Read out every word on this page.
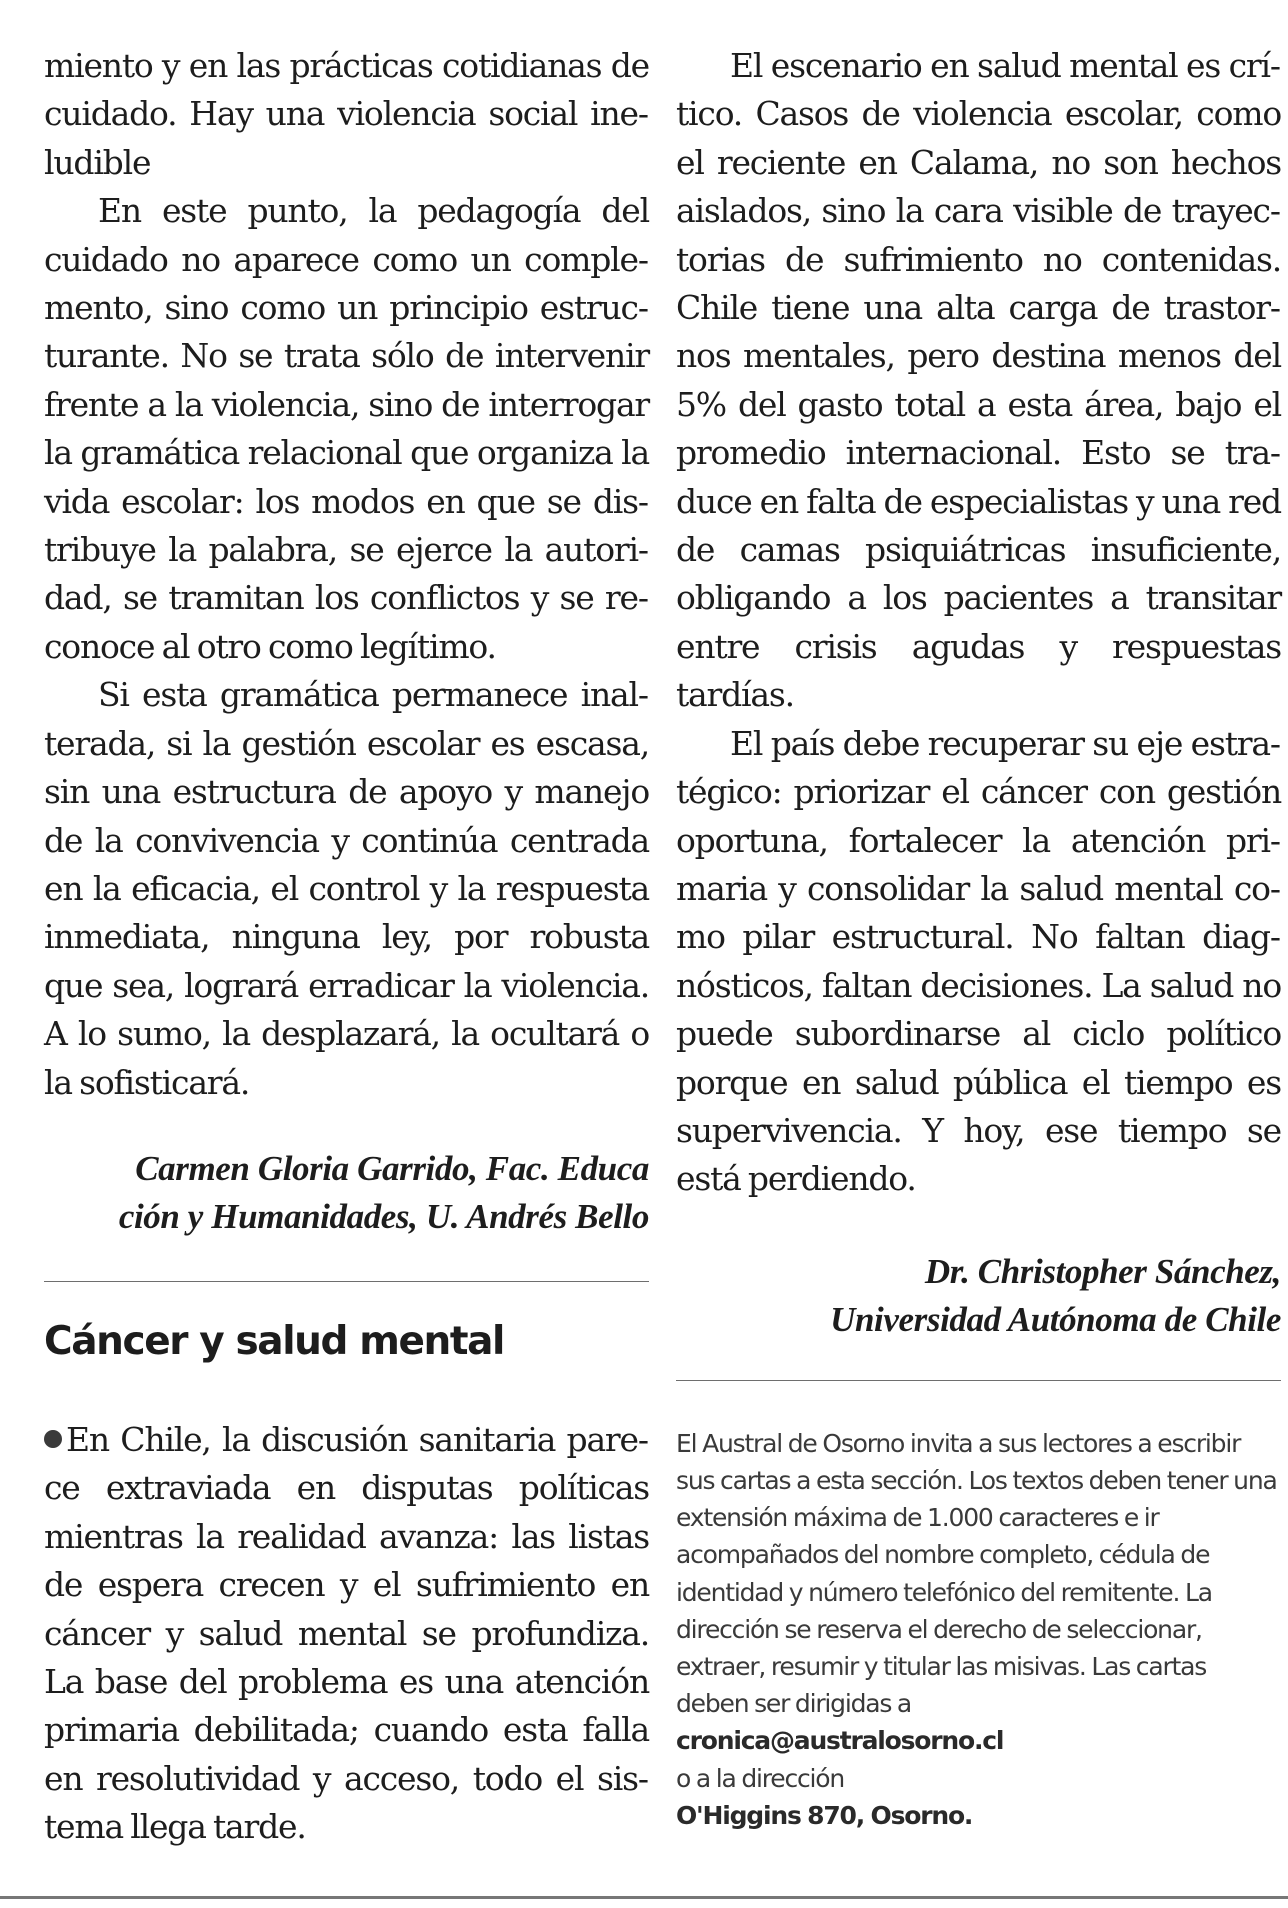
miento y en las prácticas cotidianas de cuidado. Hay una violencia social ineludible

En este punto, la pedagogía del cuidado no aparece como un complemento, sino como un principio estructurante. No se trata sólo de intervenir frente a la violencia, sino de interrogar la gramática relacional que organiza la vida escolar: los modos en que se distribuye la palabra, se ejerce la autoridad, se tramitan los conflictos y se reconoce al otro como legítimo.

Si esta gramática permanece inalterada, si la gestión escolar es escasa, sin una estructura de apoyo y manejo de la convivencia y continúa centrada en la eficacia, el control y la respuesta inmediata, ninguna ley, por robusta que sea, logrará erradicar la violencia. A lo sumo, la desplazará, la ocultará o la sofisticará.

Carmen Gloria Garrido, Fac. Educa

ción y Humanidades, U. Andrés Bello

Cáncer y salud mental

En Chile, la discusión sanitaria parece extraviada en disputas políticas mientras la realidad avanza: las listas de espera crecen y el sufrimiento en cáncer y salud mental se profundiza. La base del problema es una atención primaria debilitada; cuando esta falla en resolutividad y acceso, todo el sistema llega tarde.

El escenario en salud mental es crítico. Casos de violencia escolar, como el reciente en Calama, no son hechos aislados, sino la cara visible de trayectorias de sufrimiento no contenidas. Chile tiene una alta carga de trastornos mentales, pero destina menos del 5% del gasto total a esta área, bajo el promedio internacional. Esto se traduce en falta de especialistas y una red de camas psiquiátricas insuficiente, obligando a los pacientes a transitar entre crisis agudas y respuestas tardías.

El país debe recuperar su eje estratégico: priorizar el cáncer con gestión oportuna, fortalecer la atención primaria y consolidar la salud mental como pilar estructural. No faltan diagnósticos, faltan decisiones. La salud no puede subordinarse al ciclo político porque en salud pública el tiempo es supervivencia. Y hoy, ese tiempo se está perdiendo.

Dr. Christopher Sánchez,

Universidad Autónoma de Chile

El Austral de Osorno invita a sus lectores a escribir sus cartas a esta sección. Los textos deben tener una extensión máxima de 1.000 caracteres e ir acompañados del nombre completo, cédula de identidad y número telefónico del remitente. La dirección se reserva el derecho de seleccionar, extraer, resumir y titular las misivas. Las cartas deben ser dirigidas a

cronica@australosorno.cl

o a la dirección

O'Higgins 870, Osorno.
